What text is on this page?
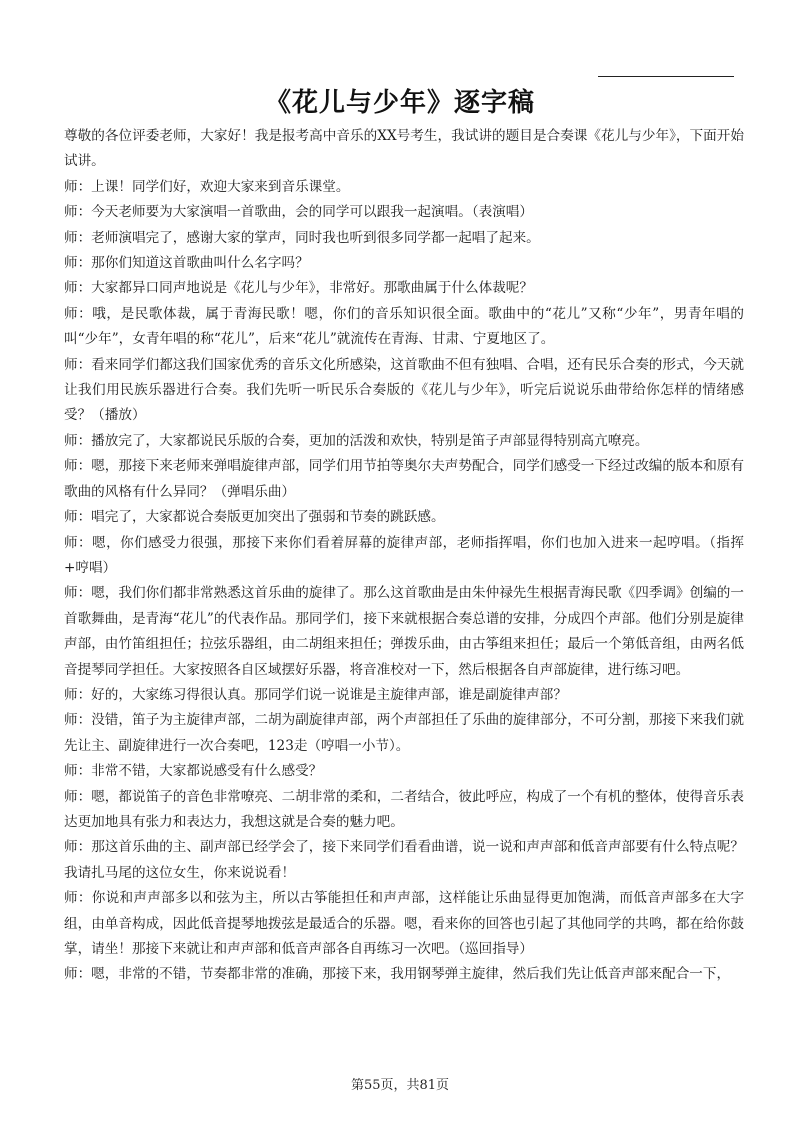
《花儿与少年》逐字稿

尊敬的各位评委老师，大家好！我是报考高中音乐的XX号考生，我试讲的题目是合奏课《花儿与少年》，下面开始试讲。

师：上课！同学们好，欢迎大家来到音乐课堂。

师：今天老师要为大家演唱一首歌曲，会的同学可以跟我一起演唱。（表演唱）

师：老师演唱完了，感谢大家的掌声，同时我也听到很多同学都一起唱了起来。

师：那你们知道这首歌曲叫什么名字吗？

师：大家都异口同声地说是《花儿与少年》，非常好。那歌曲属于什么体裁呢？

师：哦，是民歌体裁，属于青海民歌！嗯，你们的音乐知识很全面。歌曲中的“花儿”又称“少年”，男青年唱的叫“少年”，女青年唱的称“花儿”，后来“花儿”就流传在青海、甘肃、宁夏地区了。

师：看来同学们都这我们国家优秀的音乐文化所感染，这首歌曲不但有独唱、合唱，还有民乐合奏的形式，今天就让我们用民族乐器进行合奏。我们先听一听民乐合奏版的《花儿与少年》，听完后说说乐曲带给你怎样的情绪感受？（播放）

师：播放完了，大家都说民乐版的合奏，更加的活泼和欢快，特别是笛子声部显得特别高亢嘹亮。

师：嗯，那接下来老师来弹唱旋律声部，同学们用节拍等奥尔夫声势配合，同学们感受一下经过改编的版本和原有歌曲的风格有什么异同？（弹唱乐曲）

师：唱完了，大家都说合奏版更加突出了强弱和节奏的跳跃感。

师：嗯，你们感受力很强，那接下来你们看着屏幕的旋律声部，老师指挥唱，你们也加入进来一起哼唱。（指挥+哼唱）

师：嗯，我们你们都非常熟悉这首乐曲的旋律了。那么这首歌曲是由朱仲禄先生根据青海民歌《四季调》创编的一首歌舞曲，是青海“花儿”的代表作品。那同学们，接下来就根据合奏总谱的安排，分成四个声部。他们分别是旋律声部，由竹笛组担任；拉弦乐器组，由二胡组来担任；弹拨乐曲，由古筝组来担任；最后一个第低音组，由两名低音提琴同学担任。大家按照各自区域摆好乐器，将音准校对一下，然后根据各自声部旋律，进行练习吧。

师：好的，大家练习得很认真。那同学们说一说谁是主旋律声部，谁是副旋律声部？

师：没错，笛子为主旋律声部，二胡为副旋律声部，两个声部担任了乐曲的旋律部分，不可分割，那接下来我们就先让主、副旋律进行一次合奏吧，123走（哼唱一小节）。

师：非常不错，大家都说感受有什么感受？

师：嗯，都说笛子的音色非常嘹亮、二胡非常的柔和，二者结合，彼此呼应，构成了一个有机的整体，使得音乐表达更加地具有张力和表达力，我想这就是合奏的魅力吧。

师：那这首乐曲的主、副声部已经学会了，接下来同学们看看曲谱，说一说和声声部和低音声部要有什么特点呢？我请扎马尾的这位女生，你来说说看！

师：你说和声声部多以和弦为主，所以古筝能担任和声声部，这样能让乐曲显得更加饱满，而低音声部多在大字组，由单音构成，因此低音提琴地拨弦是最适合的乐器。嗯，看来你的回答也引起了其他同学的共鸣，都在给你鼓掌，请坐！那接下来就让和声声部和低音声部各自再练习一次吧。（巡回指导）

师：嗯，非常的不错，节奏都非常的准确，那接下来，我用钢琴弹主旋律，然后我们先让低音声部来配合一下，

第55页，共81页
